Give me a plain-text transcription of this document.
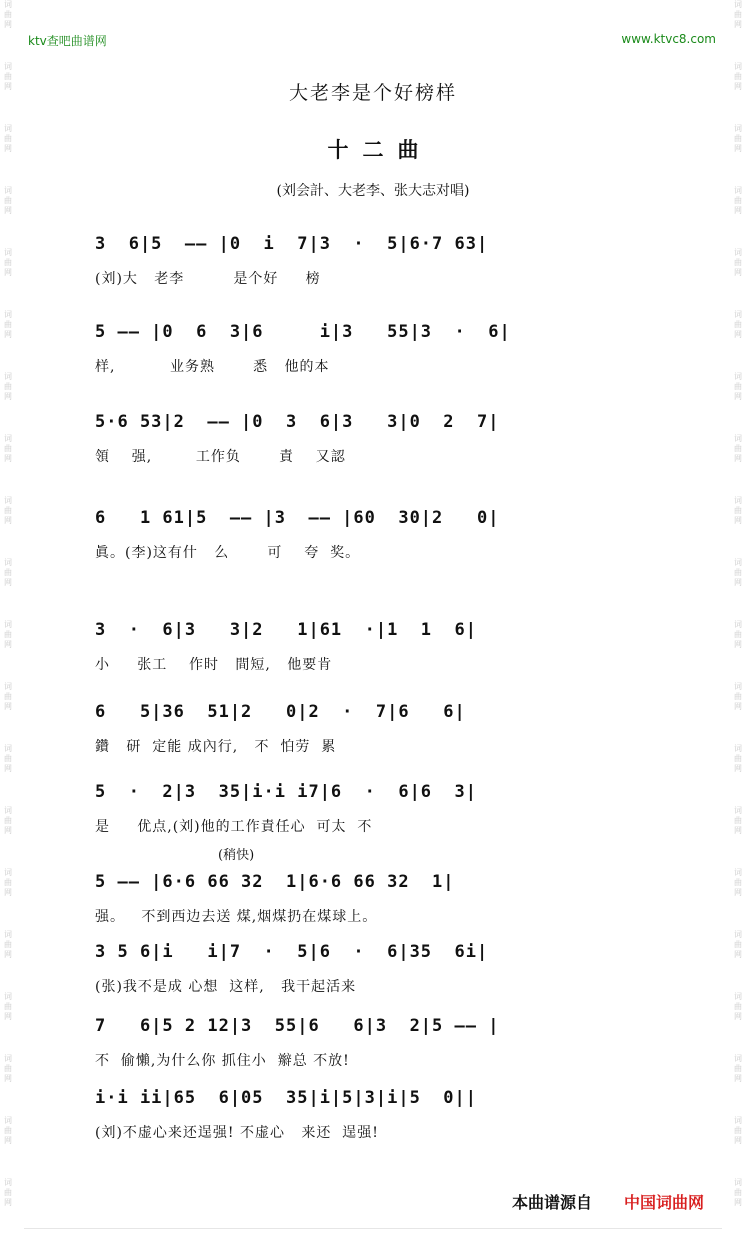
词
曲
网
词
曲
网
词
曲
网
词
曲
网
词
曲
网
词
曲
网
词
曲
网
词
曲
网
词
曲
网
词
曲
网
词
曲
网
词
曲
网
词
曲
网
词
曲
网
词
曲
网
词
曲
网
词
曲
网
词
曲
网
词
曲
网
词
曲
网
词
曲
网
词
曲
网
词
曲
网
词
曲
网
词
曲
网
词
曲
网
词
曲
网
词
曲
网
词
曲
网
词
曲
网
词
曲
网
词
曲
网
词
曲
网
词
曲
网
词
曲
网
词
曲
网
词
曲
网
词
曲
网
词
曲
网
词
曲
网
ktv查吧曲谱网	www.ktvc8.com
大老李是个好榜样
十二曲
(刘会計、大老李、张大志对唱)
3  6|5  —— |0  i  7|3  ·  5|6·7 63|
(刘)大   老李         是个好     榜
5 —— |0  6  3|6     i|3   55|3  ·  6|
样,          业务熟       悉   他的本
5·6 53|2  —— |0  3  6|3   3|0  2  7|
領    强,        工作负       責    又認
6   1 61|5  —— |3  —— |60  30|2   0|
眞。(李)这有什   么       可    夸  奖。
3  ·  6|3   3|2   1|61  ·|1  1  6|
小     张工    作时   間短,   他要肯
6   5|36  51|2   0|2  ·  7|6   6|
鑽   研  定能 成內行,   不  怕劳  累
5  ·  2|3  35|i·i i7|6  ·  6|6  3|
是     优点,(刘)他的工作責任心  可太  不
(稍快)
5 —— |6·6 66 32  1|6·6 66 32  1|
强。   不到西边去送 煤,烟煤扔在煤球上。
3 5 6|i   i|7  ·  5|6  ·  6|35  6i|
(张)我不是成 心想  这样,   我干起活来
7   6|5 2 12|3  55|6   6|3  2|5 —— |
不  偷懶,为什么你 抓住小  辮总 不放!
i·i ii|65  6|05  35|i|5|3|i|5  0||
(刘)不虚心来还逞强! 不虚心   来还  逞强!
本曲谱源自 中国词曲网
